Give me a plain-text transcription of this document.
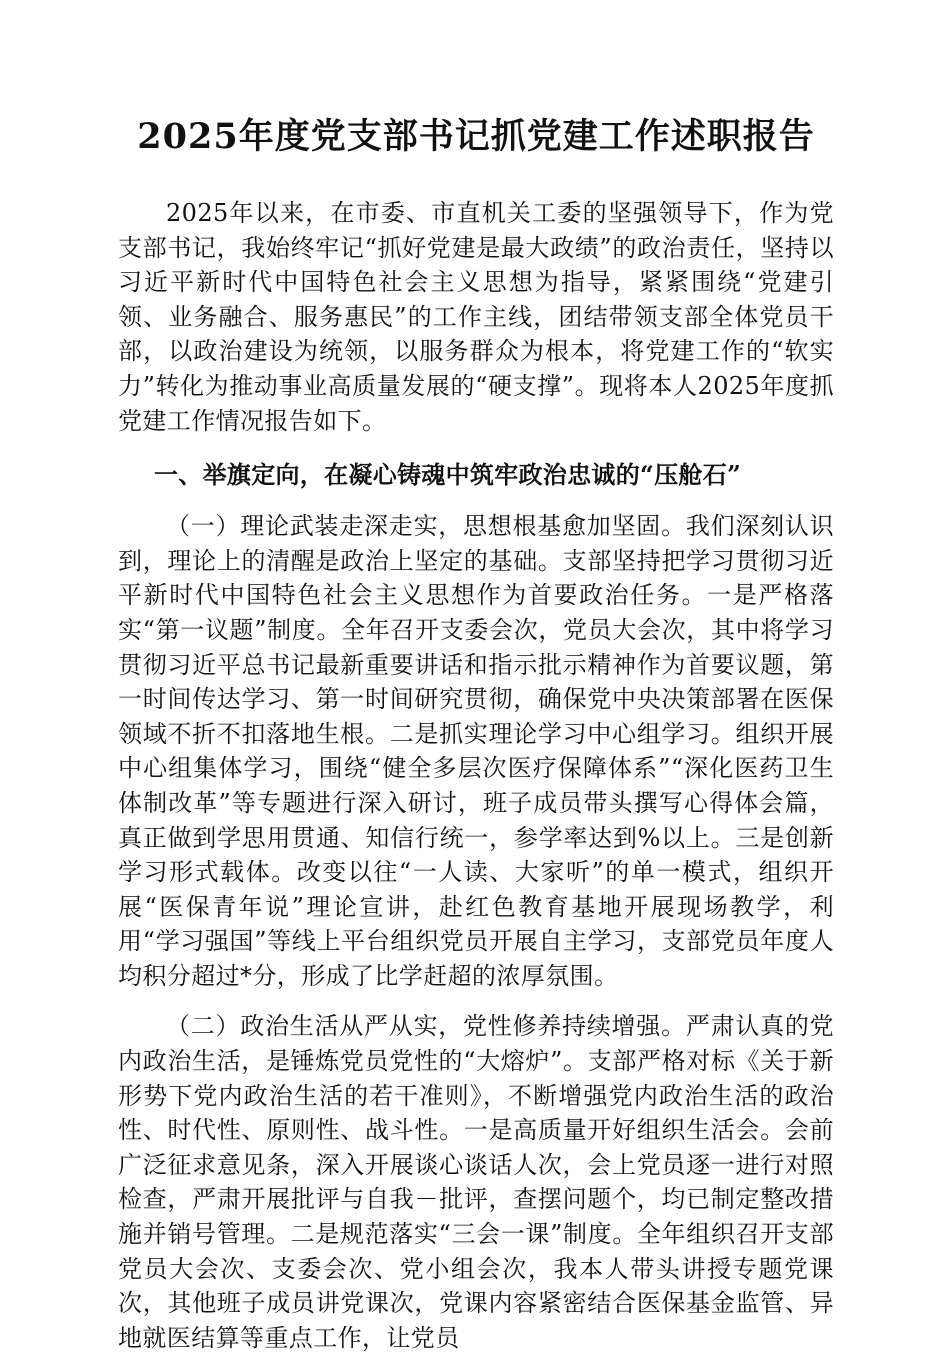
2025年度党支部书记抓党建工作述职报告

2025年以来，在市委、市直机关工委的坚强领导下，作为党支部书记，我始终牢记“抓好党建是最大政绩”的政治责任，坚持以习近平新时代中国特色社会主义思想为指导，紧紧围绕“党建引领、业务融合、服务惠民”的工作主线，团结带领支部全体党员干部，以政治建设为统领，以服务群众为根本，将党建工作的“软实力”转化为推动事业高质量发展的“硬支撑”。现将本人2025年度抓党建工作情况报告如下。

一、举旗定向，在凝心铸魂中筑牢政治忠诚的“压舱石”

（一）理论武装走深走实，思想根基愈加坚固。我们深刻认识到，理论上的清醒是政治上坚定的基础。支部坚持把学习贯彻习近平新时代中国特色社会主义思想作为首要政治任务。一是严格落实“第一议题”制度。全年召开支委会次，党员大会次，其中将学习贯彻习近平总书记最新重要讲话和指示批示精神作为首要议题，第一时间传达学习、第一时间研究贯彻，确保党中央决策部署在医保领域不折不扣落地生根。二是抓实理论学习中心组学习。组织开展中心组集体学习，围绕“健全多层次医疗保障体系”“深化医药卫生体制改革”等专题进行深入研讨，班子成员带头撰写心得体会篇，真正做到学思用贯通、知信行统一，参学率达到%以上。三是创新学习形式载体。改变以往“一人读、大家听”的单一模式，组织开展“医保青年说”理论宣讲，赴红色教育基地开展现场教学，利用“学习强国”等线上平台组织党员开展自主学习，支部党员年度人均积分超过*分，形成了比学赶超的浓厚氛围。

（二）政治生活从严从实，党性修养持续增强。严肃认真的党内政治生活，是锤炼党员党性的“大熔炉”。支部严格对标《关于新形势下党内政治生活的若干准则》，不断增强党内政治生活的政治性、时代性、原则性、战斗性。一是高质量开好组织生活会。会前广泛征求意见条，深入开展谈心谈话人次，会上党员逐一进行对照检查，严肃开展批评与自我－批评，查摆问题个，均已制定整改措施并销号管理。二是规范落实“三会一课”制度。全年组织召开支部党员大会次、支委会次、党小组会次，我本人带头讲授专题党课次，其他班子成员讲党课次，党课内容紧密结合医保基金监管、异地就医结算等重点工作，让党员
